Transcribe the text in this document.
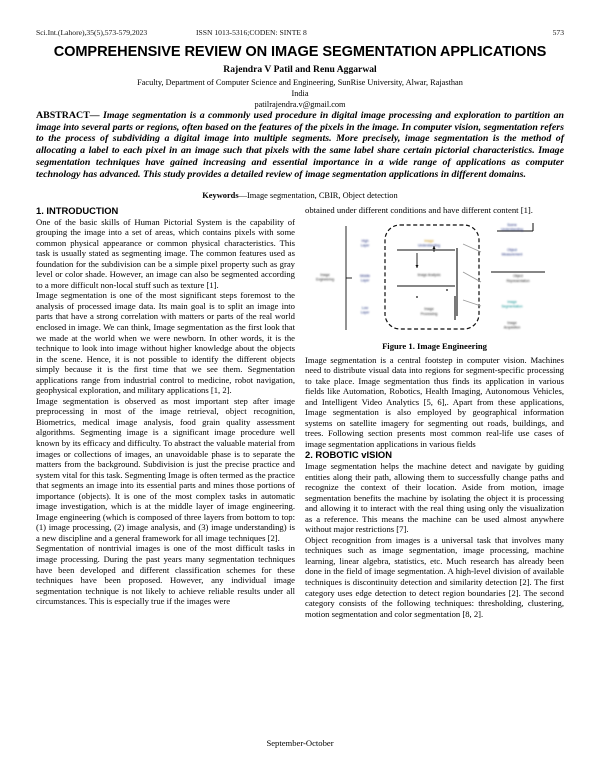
Sci.Int.(Lahore),35(5),573-579,2023	ISSN 1013-5316;CODEN: SINTE 8	573
COMPREHENSIVE REVIEW ON IMAGE SEGMENTATION APPLICATIONS
Rajendra V Patil and Renu Aggarwal
Faculty, Department of Computer Science and Engineering, SunRise University, Alwar, Rajasthan
India
patilrajendra.v@gmail.com
ABSTRACT— Image segmentation is a commonly used procedure in digital image processing and exploration to partition an image into several parts or regions, often based on the features of the pixels in the image. In computer vision, segmentation refers to the process of subdividing a digital image into multiple segments. More precisely, image segmentation is the method of allocating a label to each pixel in an image such that pixels with the same label share certain pictorial characteristics. Image segmentation techniques have gained increasing and essential importance in a wide range of applications as computer technology has advanced. This study provides a detailed review of image segmentation applications in different domains.
Keywords—Image segmentation, CBIR, Object detection
1. INTRODUCTION

One of the basic skills of Human Pictorial System is the capability of grouping the image into a set of areas, which contains pixels with some common physical appearance or common physical characteristics. This task is usually stated as segmenting image. The common features used as foundation for the subdivision can be a simple pixel property such as gray level or color shade. However, an image can also be segmented according to a more difficult non-local stuff such as texture [1].

Image segmentation is one of the most significant steps foremost to the analysis of processed image data. Its main goal is to split an image into parts that have a strong correlation with matters or parts of the real world enclosed in image. We can think, Image segmentation as the first look that we made at the world when we were newborn. In other words, it is the technique to look into image without higher knowledge about the objects in the scene. Hence, it is not possible to identify the different objects simply because it is the first time that we see them. Segmentation applications range from industrial control to medicine, robot navigation, geophysical exploration, and military applications [1, 2].

Image segmentation is observed as most important step after image preprocessing in most of the image retrieval, object recognition, Biometrics, medical image analysis, food grain quality assessment algorithms. Segmenting image is a significant image procedure well known by its efficacy and difficulty. To abstract the valuable material from images or collections of images, an unavoidable phase is to separate the matters from the background. Subdivision is just the precise practice and system vital for this task. Segmenting Image is often termed as the practice that segments an image into its essential parts and mines those portions of importance (objects). It is one of the most complex tasks in automatic image investigation, which is at the middle layer of image engineering. Image engineering (which is composed of three layers from bottom to top: (1) image processing, (2) image analysis, and (3) image understanding) is a new discipline and a general framework for all image techniques [2].

Segmentation of nontrivial images is one of the most difficult tasks in image processing. During the past years many segmentation techniques have been developed and different classification schemes for these techniques have been proposed. However, any individual image segmentation technique is not likely to achieve reliable results under all circumstances. This is especially true if the images were

obtained under different conditions and have different content [1].

Image
Engineering
High
Layer
Middle
Layer
Low
Layer
Image
Understanding
Image Analysis
Image
Processing
Scene
Understanding
Object
Measurement
Object
Representation
Image
Segmentation
Image
Acquisition
Figure 1. Image Engineering

Image segmentation is a central footstep in computer vision. Machines need to distribute visual data into regions for segment-specific processing to take place. Image segmentation thus finds its application in various fields like Automation, Robotics, Health Imaging, Autonomous Vehicles, and Intelligent Video Analytics [5, 6],. Apart from these applications, Image segmentation is also employed by geographical information systems on satellite imagery for segmenting out roads, buildings, and trees. Following section presents most common real-life use cases of image segmentation applications in various fields

2. ROBOTIC vISION

Image segmentation helps the machine detect and navigate by guiding entities along their path, allowing them to successfully change paths and recognize the context of their location. Aside from motion, image segmentation benefits the machine by isolating the object it is processing and allowing it to interact with the real thing using only the visualization as a reference. This means the machine can be used almost anywhere without major restrictions [7].

Object recognition from images is a universal task that involves many techniques such as image segmentation, image processing, machine learning, linear algebra, statistics, etc. Much research has already been done in the field of image segmentation. A high-level division of available techniques is discontinuity detection and similarity detection [2]. The first category uses edge detection to detect region boundaries [2]. The second category consists of the following techniques: thresholding, clustering, motion segmentation and color segmentation [8, 2].

September-October
